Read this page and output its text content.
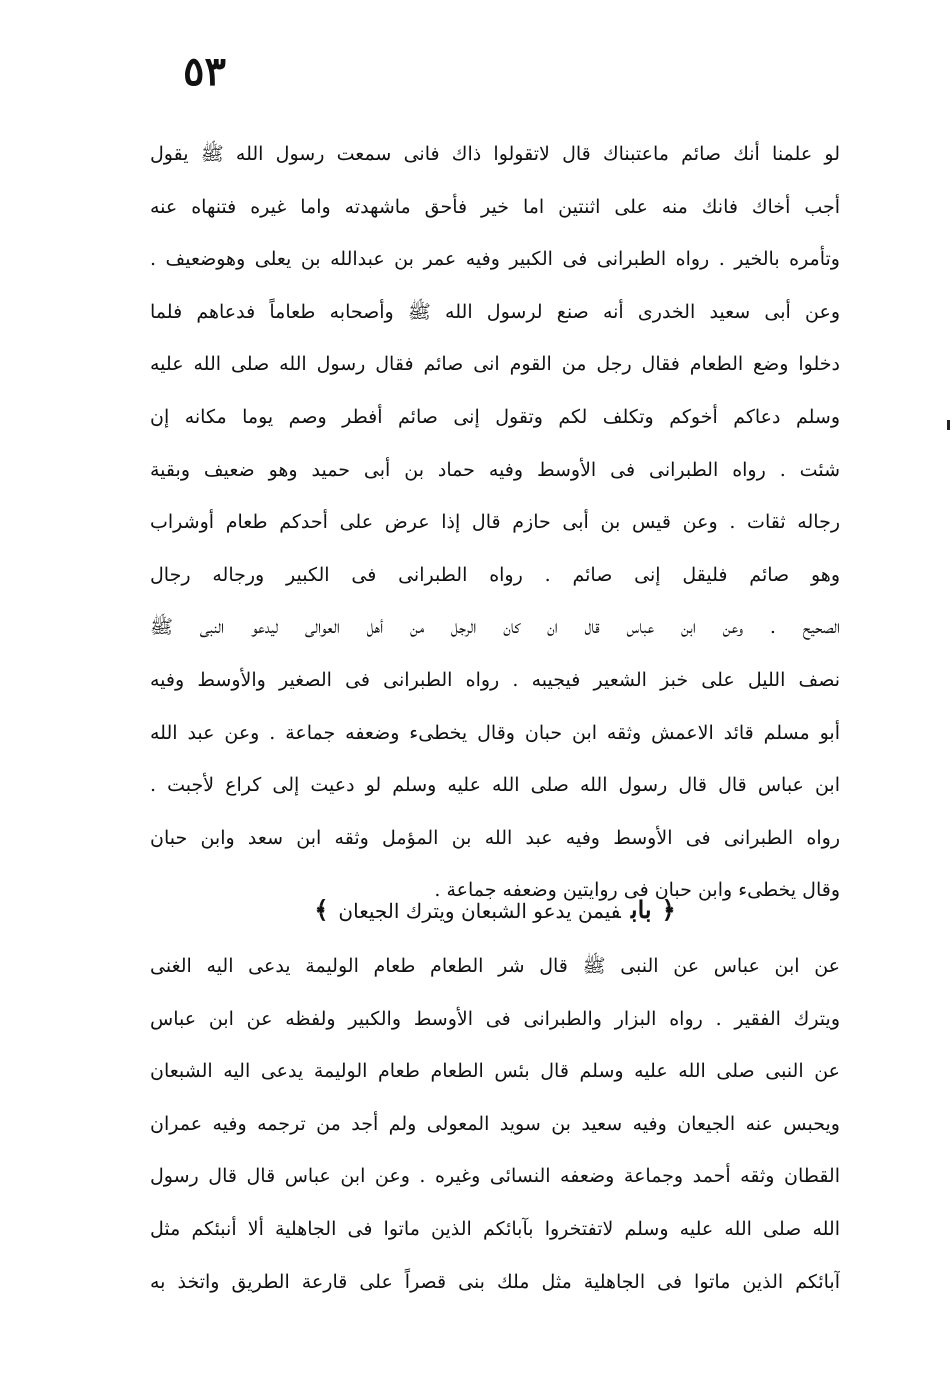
٥٣
لو علمنا أنك صائم ماعتبناك قال لاتقولوا ذاك فانى سمعت رسول الله ﷺ يقول
أجب أخاك فانك منه على اثنتين اما خير فأحق ماشهدته واما غيره فتنهاه عنه
وتأمره بالخير . رواه الطبرانى فى الكبير وفيه عمر بن عبدالله بن يعلى وهوضعيف .
وعن أبى سعيد الخدرى أنه صنع لرسول الله ﷺ وأصحابه طعاماً فدعاهم فلما
دخلوا وضع الطعام فقال رجل من القوم انى صائم فقال رسول الله صلى الله عليه
وسلم دعاكم أخوكم وتكلف لكم وتقول إنى صائم أفطر وصم يوما مكانه إن
شئت . رواه الطبرانى فى الأوسط وفيه حماد بن أبى حميد وهو ضعيف وبقية
رجاله ثقات . وعن قيس بن أبى حازم قال إذا عرض على أحدكم طعام أوشراب
وهو صائم فليقل إنى صائم . رواه الطبرانى فى الكبير ورجاله رجال
الصحيح . وعن ابن عباس قال ان كان الرجل من أهل العوالى ليدعو النبى ﷺ
نصف الليل على خبز الشعير فيجيبه . رواه الطبرانى فى الصغير والأوسط وفيه
أبو مسلم قائد الاعمش وثقه ابن حبان وقال يخطىء وضعفه جماعة . وعن عبد الله
ابن عباس قال قال رسول الله صلى الله عليه وسلم لو دعيت إلى كراع لأجبت .
رواه الطبرانى فى الأوسط وفيه عبد الله بن المؤمل وثقه ابن سعد وابن حبان
وقال يخطىء وابن حبان فى روايتين وضعفه جماعة .
﴿بابفيمن يدعو الشبعان ويترك الجيعان﴾
عن ابن عباس عن النبى ﷺ قال شر الطعام طعام الوليمة يدعى اليه الغنى
ويترك الفقير . رواه البزار والطبرانى فى الأوسط والكبير ولفظه عن ابن عباس
عن النبى صلى الله عليه وسلم قال بئس الطعام طعام الوليمة يدعى اليه الشبعان
ويحبس عنه الجيعان وفيه سعيد بن سويد المعولى ولم أجد من ترجمه وفيه عمران
القطان وثقه أحمد وجماعة وضعفه النسائى وغيره . وعن ابن عباس قال قال رسول
الله صلى الله عليه وسلم لاتفتخروا بآبائكم الذين ماتوا فى الجاهلية ألا أنبئكم مثل
آبائكم الذين ماتوا فى الجاهلية مثل ملك بنى قصراً على قارعة الطريق واتخذ به
